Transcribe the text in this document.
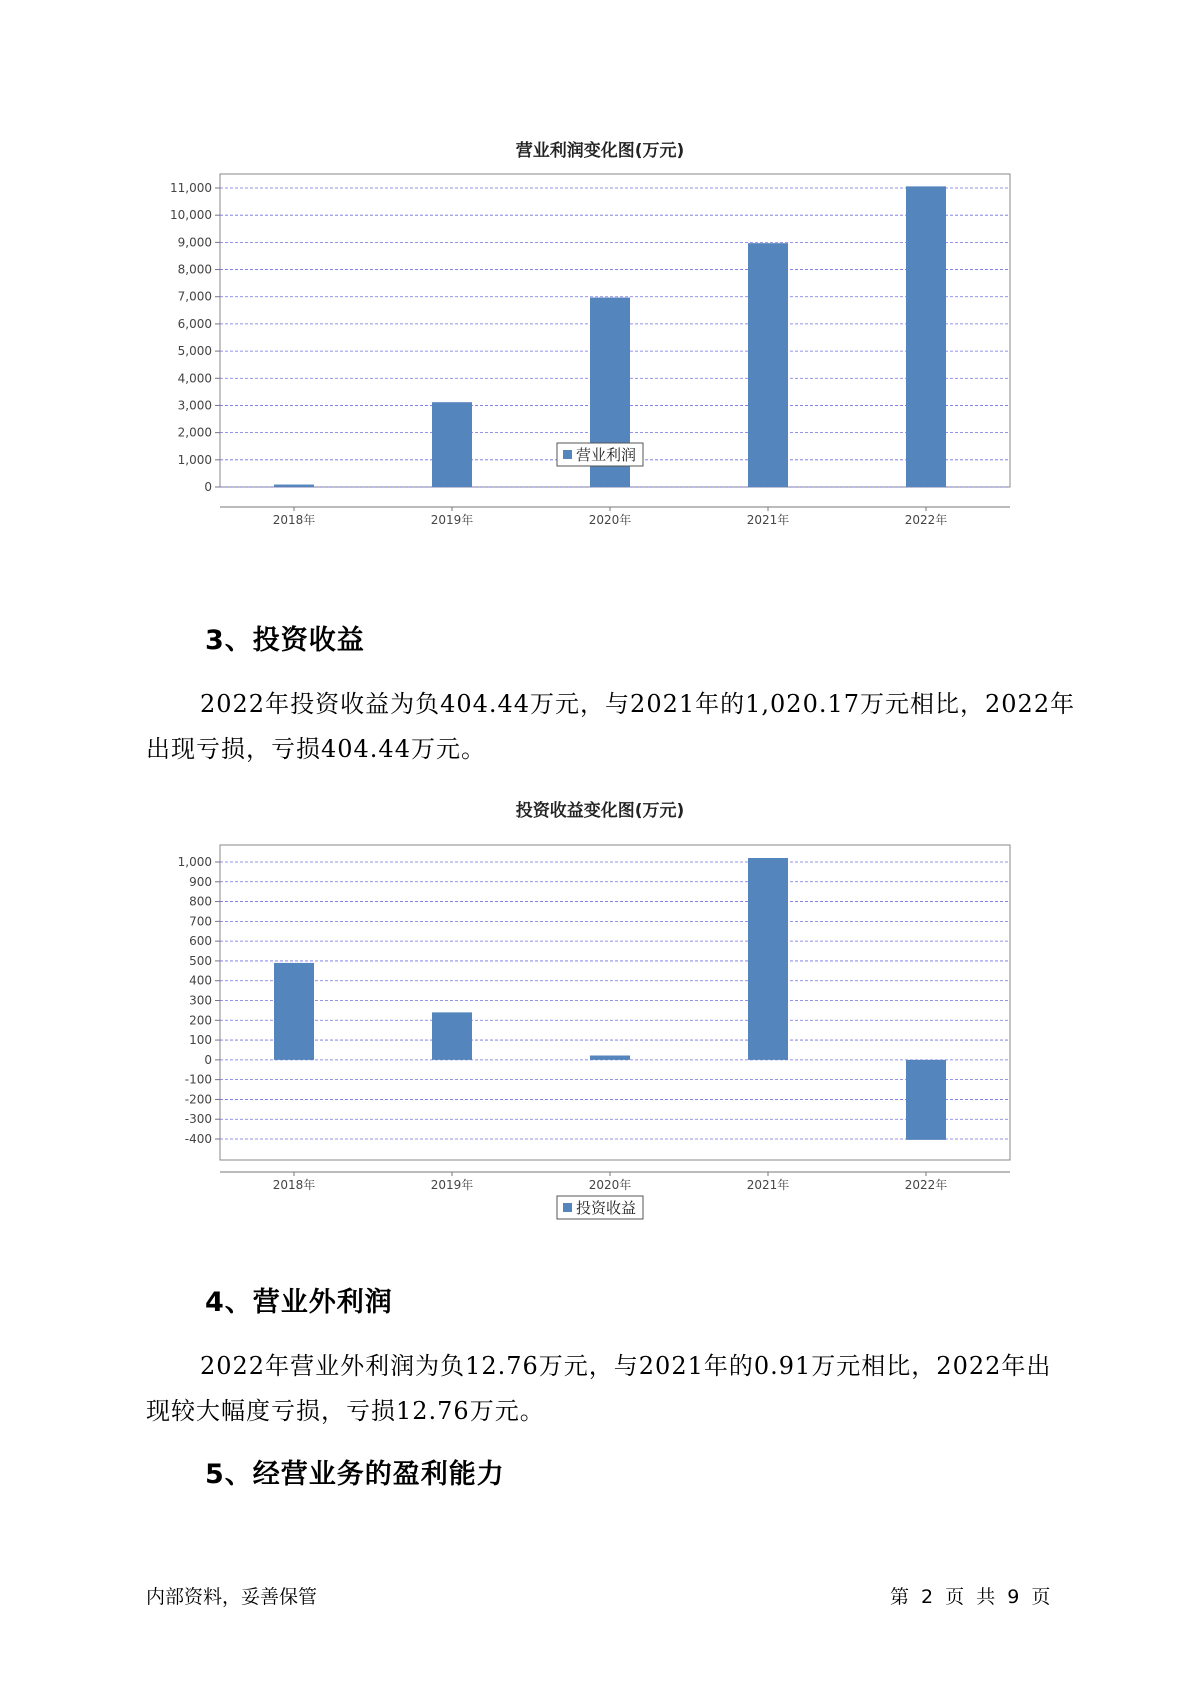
营业利润变化图(万元)
0
1,000
2,000
3,000
4,000
5,000
6,000
7,000
8,000
9,000
10,000
11,000
2018年	2019年	2020年	2021年	2022年
营业利润
3、投资收益

2022年投资收益为负404.44万元，与2021年的1,020.17万元相比，2022年出现亏损，亏损404.44万元。

投资收益变化图(万元)
-400
-300
-200
-100
0
100
200
300
400
500
600
700
800
900
1,000
2018年	2019年	2020年	2021年	2022年
投资收益
4、营业外利润

2022年营业外利润为负12.76万元，与2021年的0.91万元相比，2022年出现较大幅度亏损，亏损12.76万元。

5、经营业务的盈利能力
内部资料，妥善保管	第 2 页 共 9 页
